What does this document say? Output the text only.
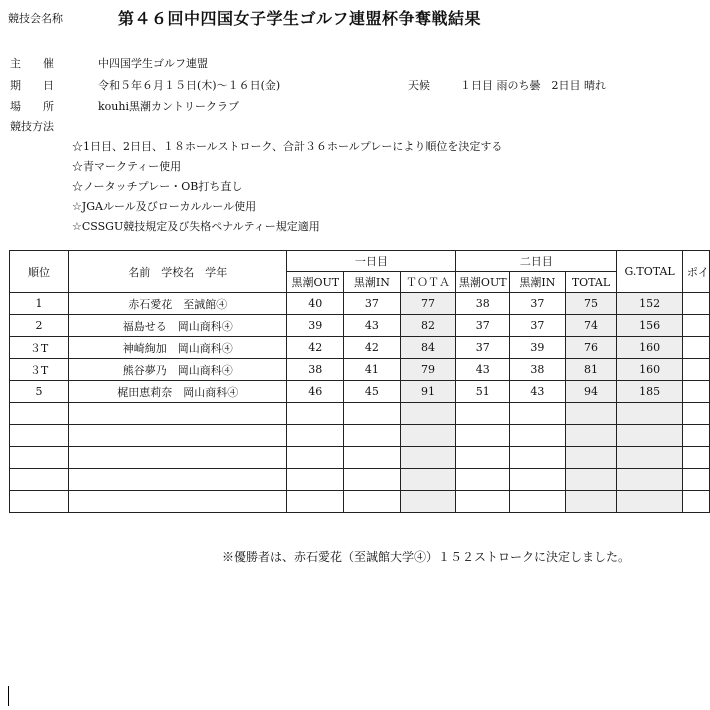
競技会名称	第４６回中四国女子学生ゴルフ連盟杯争奪戦結果
主　　催	中四国学生ゴルフ連盟
期　　日	令和５年６月１５日(木)〜１６日(金)	天候	１日目 雨のち曇　2日目 晴れ
場　　所	kouhi黒潮カントリークラブ
競技方法
☆1日目、2日目、１８ホールストローク、合計３６ホールプレーにより順位を決定する
☆青マークティー使用
☆ノータッチプレー・OB打ち直し
☆JGAルール及びローカルルール使用
☆CSSGU競技規定及び失格ペナルティー規定適用
順位	名前　学校名　学年	一日目			二日目			G.TOTAL	ポイ
		黒潮OUT	黒潮IN	ＴＯＴＡ	黒潮OUT	黒潮IN	TOTAL		
1	赤石愛花　至誠館④	40	37	77	38	37	75	152	
2	福島せる　岡山商科④	39	43	82	37	37	74	156	
３T	神崎絢加　岡山商科④	42	42	84	37	39	76	160	
３T	熊谷夢乃　岡山商科④	38	41	79	43	38	81	160	
5	梶田恵莉奈　岡山商科④	46	45	91	51	43	94	185	

※優勝者は、赤石愛花（至誠館大学④）１５２ストロークに決定しました。
